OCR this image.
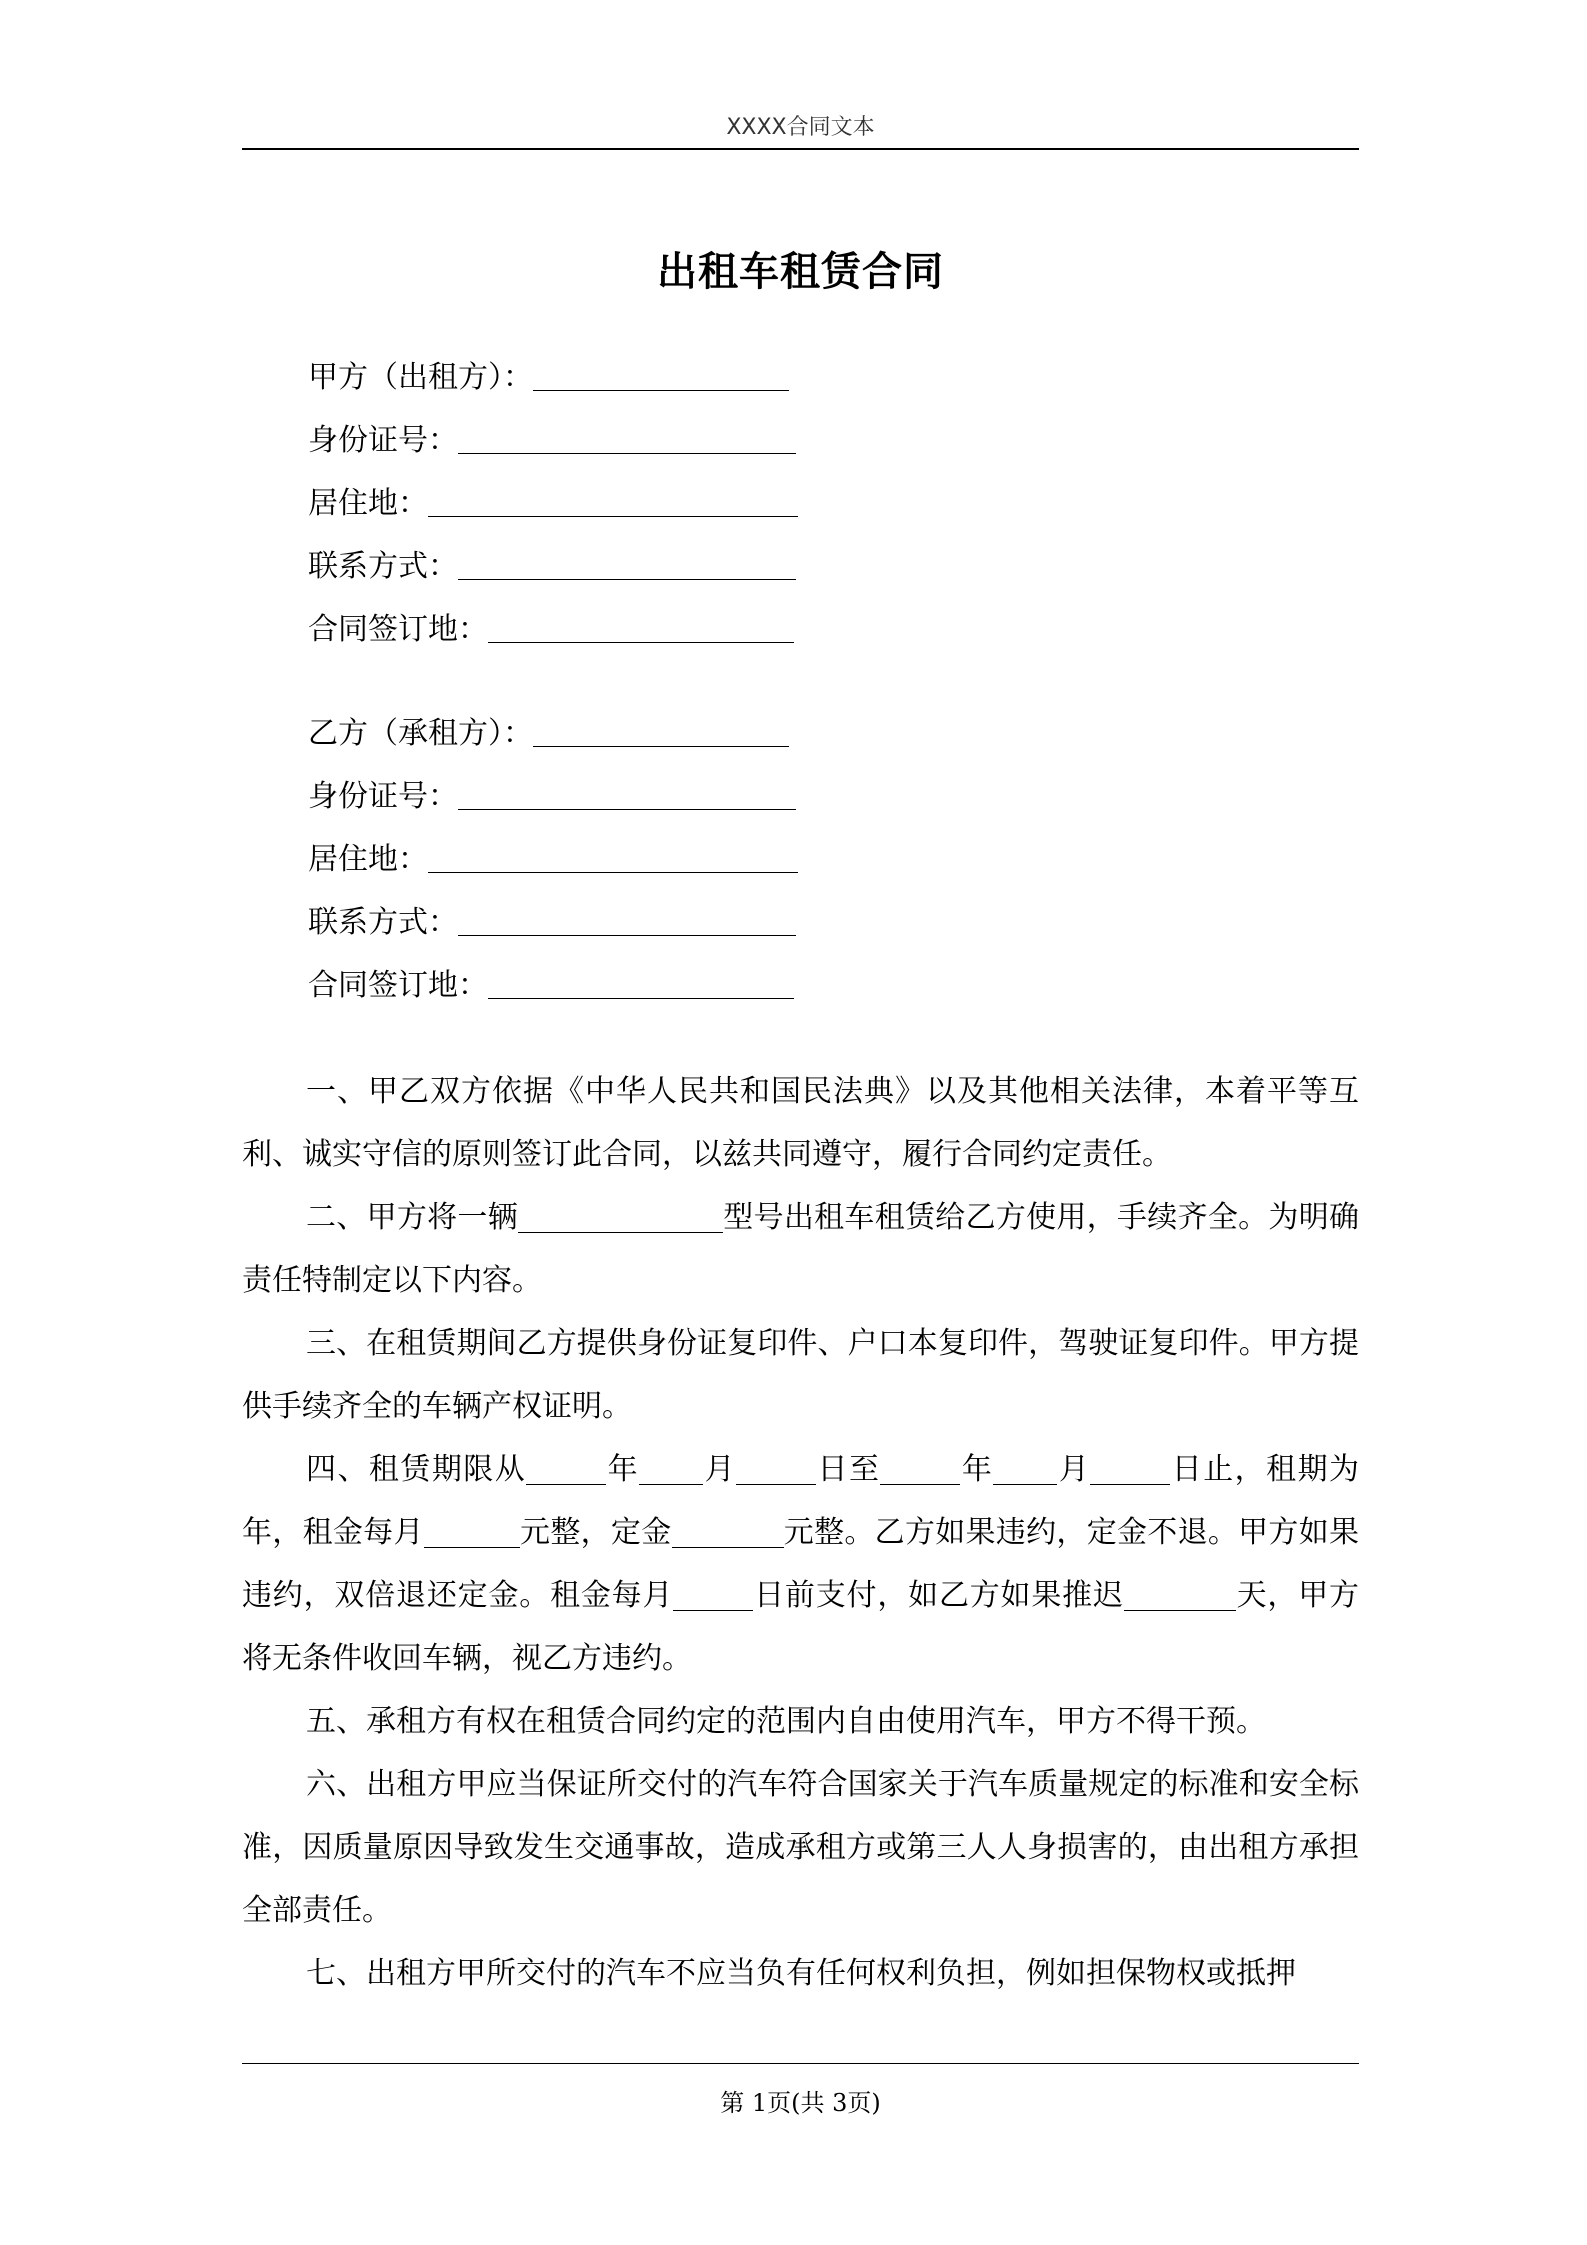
XXXX合同文本
出租车租赁合同
甲方（出租方）：
身份证号：
居住地：
联系方式：
合同签订地：
乙方（承租方）：
身份证号：
居住地：
联系方式：
合同签订地：

一、甲乙双方依据《中华人民共和国民法典》以及其他相关法律，本着平等互利、诚实守信的原则签订此合同，以兹共同遵守，履行合同约定责任。

二、甲方将一辆	型号出租车租赁给乙方使用，手续齐全。为明确责任特制定以下内容。

三、在租赁期间乙方提供身份证复印件、户口本复印件，驾驶证复印件。甲方提供手续齐全的车辆产权证明。

四、租赁期限从	年 月	日至	年 月	日止，租期为年，租金每月	元整，定金	元整。乙方如果违约，定金不退。甲方如果违约，双倍退还定金。租金每月	日前支付，如乙方如果推迟	天，甲方将无条件收回车辆，视乙方违约。

五、承租方有权在租赁合同约定的范围内自由使用汽车，甲方不得干预。

六、出租方甲应当保证所交付的汽车符合国家关于汽车质量规定的标准和安全标准，因质量原因导致发生交通事故，造成承租方或第三人人身损害的，由出租方承担全部责任。

七、出租方甲所交付的汽车不应当负有任何权利负担，例如担保物权或抵押

第 1页(共 3页)
